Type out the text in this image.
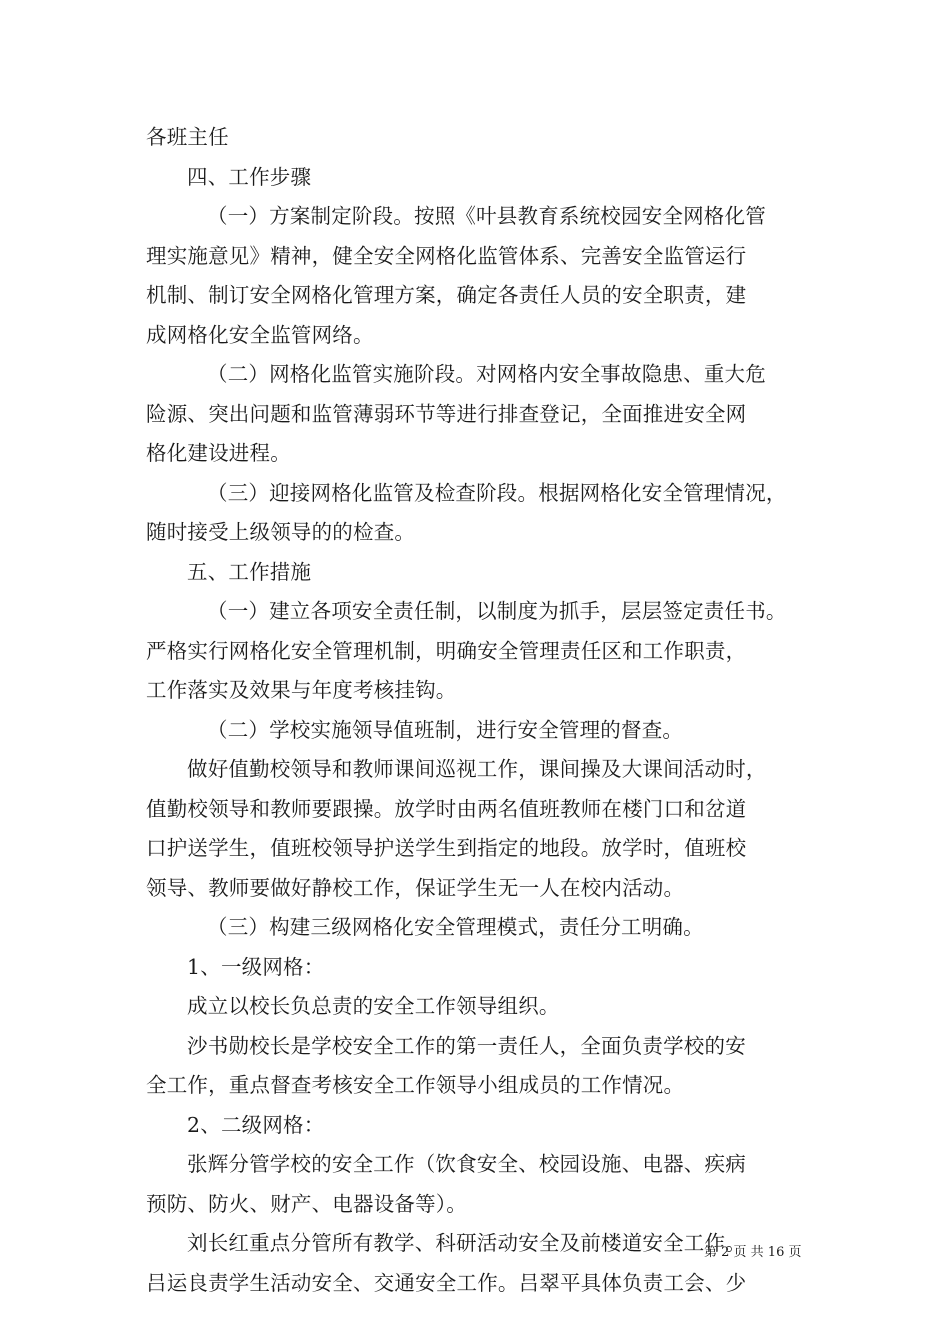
各班主任
四、工作步骤
（一）方案制定阶段。按照《叶县教育系统校园安全网格化管
理实施意见》精神，健全安全网格化监管体系、完善安全监管运行
机制、制订安全网格化管理方案，确定各责任人员的安全职责，建
成网格化安全监管网络。
（二）网格化监管实施阶段。对网格内安全事故隐患、重大危
险源、突出问题和监管薄弱环节等进行排查登记，全面推进安全网
格化建设进程。
（三）迎接网格化监管及检查阶段。根据网格化安全管理情况，
随时接受上级领导的的检查。
五、工作措施
（一）建立各项安全责任制，以制度为抓手，层层签定责任书。
严格实行网格化安全管理机制，明确安全管理责任区和工作职责，
工作落实及效果与年度考核挂钩。
（二）学校实施领导值班制，进行安全管理的督查。
做好值勤校领导和教师课间巡视工作，课间操及大课间活动时，
值勤校领导和教师要跟操。放学时由两名值班教师在楼门口和岔道
口护送学生，值班校领导护送学生到指定的地段。放学时，值班校
领导、教师要做好静校工作，保证学生无一人在校内活动。
（三）构建三级网格化安全管理模式，责任分工明确。
1、一级网格：
成立以校长负总责的安全工作领导组织。
沙书勋校长是学校安全工作的第一责任人，全面负责学校的安
全工作，重点督查考核安全工作领导小组成员的工作情况。
2、二级网格：
张辉分管学校的安全工作（饮食安全、校园设施、电器、疾病
预防、防火、财产、电器设备等）。
刘长红重点分管所有教学、科研活动安全及前楼道安全工作。
吕运良责学生活动安全、交通安全工作。吕翠平具体负责工会、少
第 2 页 共 16 页
